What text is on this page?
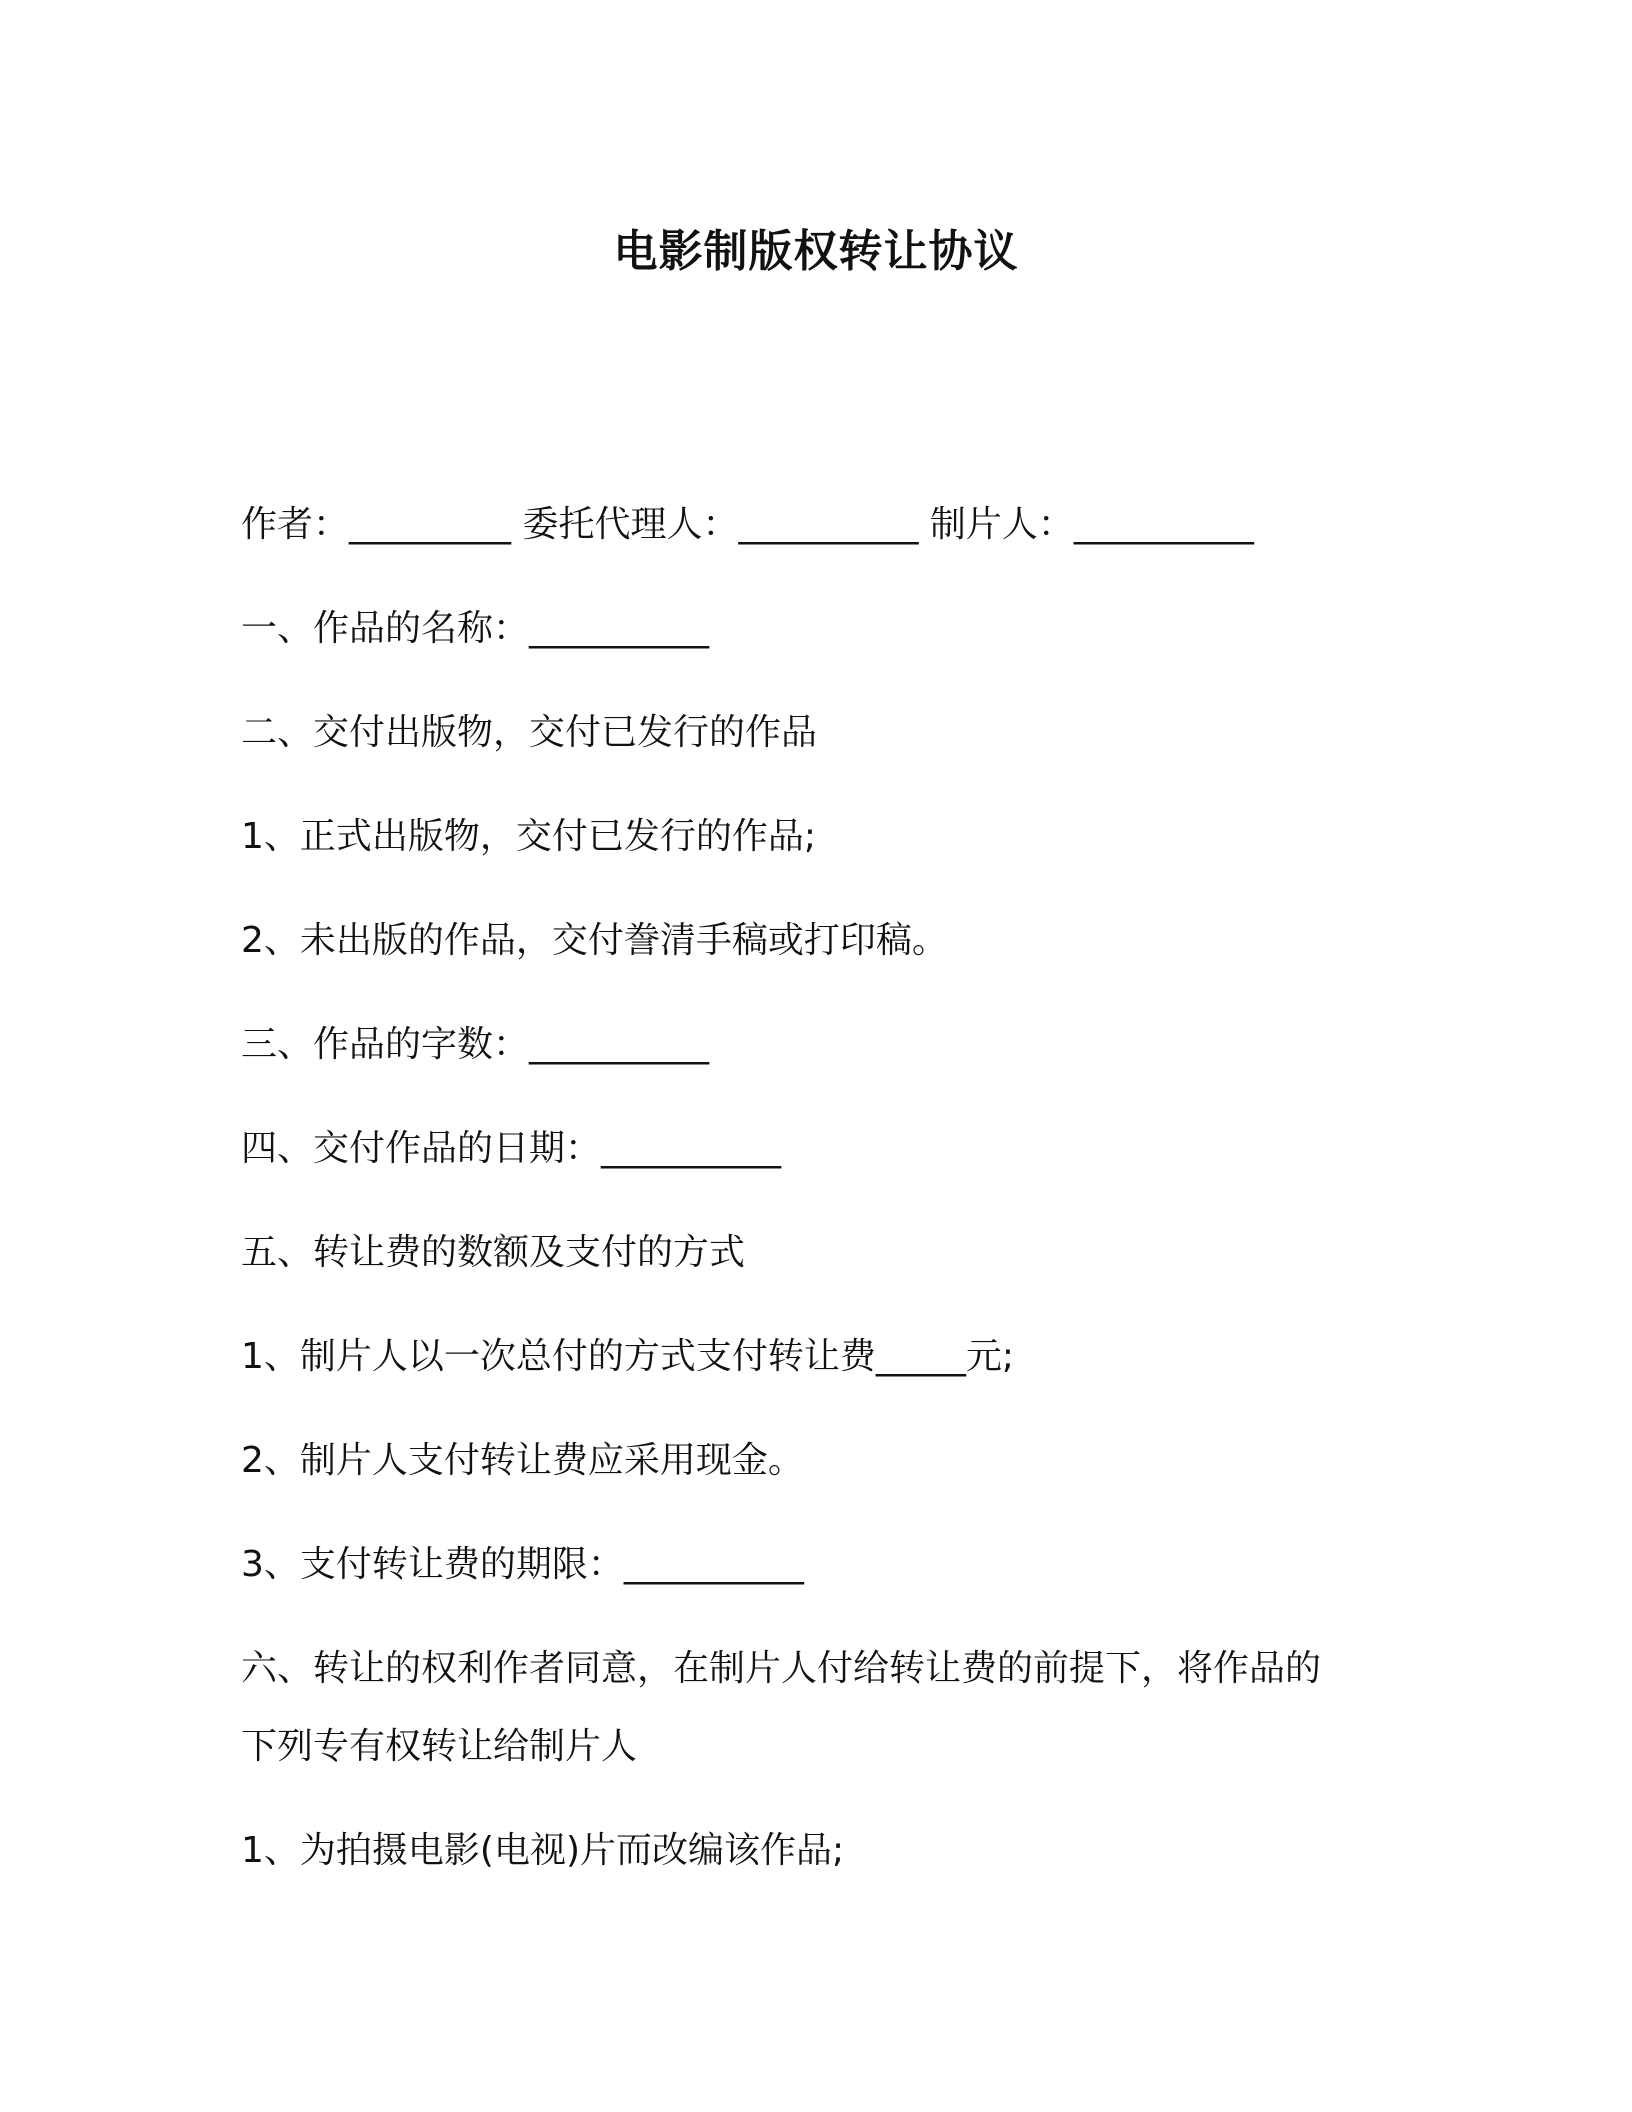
电影制版权转让协议
作者：_________ 委托代理人：__________ 制片人：__________
一、作品的名称：__________
二、交付出版物，交付已发行的作品
1、正式出版物，交付已发行的作品;
2、未出版的作品，交付誊清手稿或打印稿。
三、作品的字数：__________
四、交付作品的日期：__________
五、转让费的数额及支付的方式
1、制片人以一次总付的方式支付转让费_____元;
2、制片人支付转让费应采用现金。
3、支付转让费的期限：__________
六、转让的权利作者同意，在制片人付给转让费的前提下，将作品的
下列专有权转让给制片人
1、为拍摄电影(电视)片而改编该作品;
